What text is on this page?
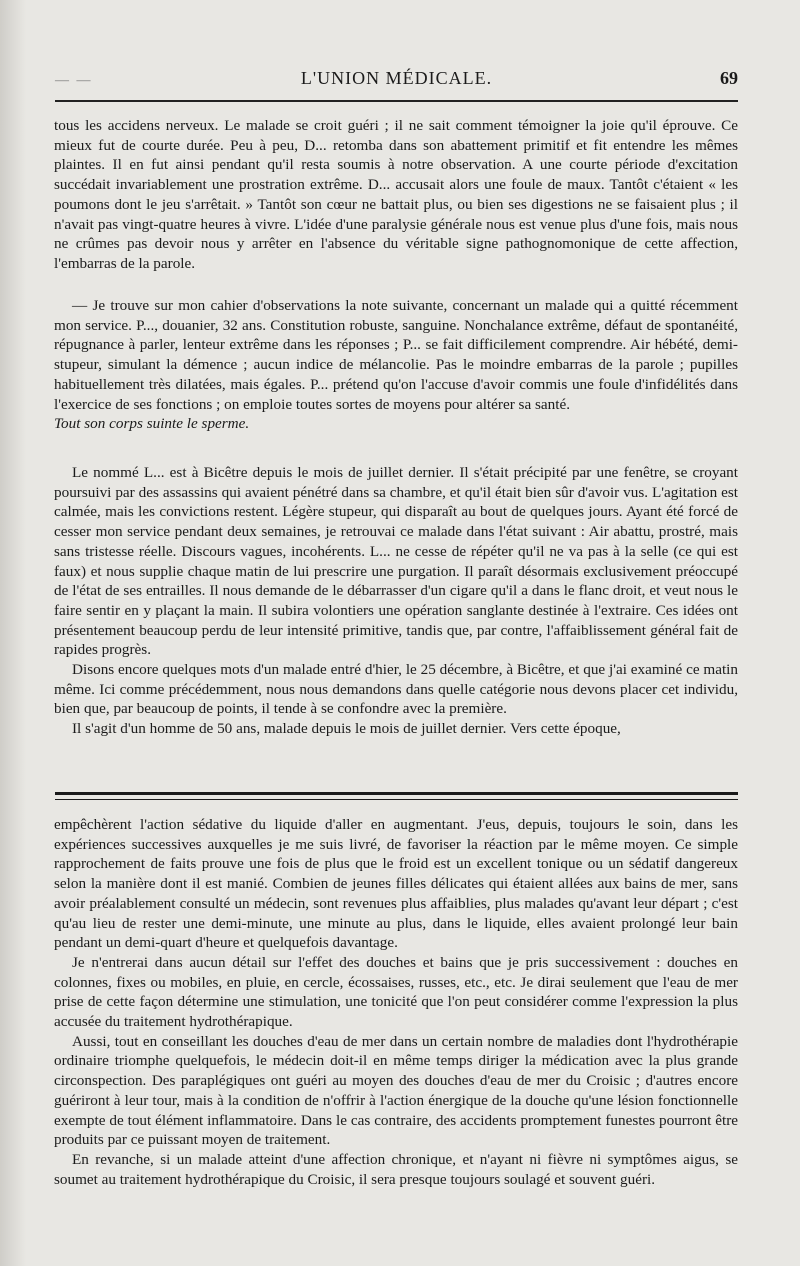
— —	L'UNION MÉDICALE.	69

tous les accidens nerveux. Le malade se croit guéri ; il ne sait comment témoigner la joie qu'il éprouve. Ce mieux fut de courte durée. Peu à peu, D... retomba dans son abattement primitif et fit entendre les mêmes plaintes. Il en fut ainsi pendant qu'il resta soumis à notre observation. A une courte période d'excitation succédait invariablement une prostration extrême. D... accusait alors une foule de maux. Tantôt c'étaient « les poumons dont le jeu s'arrêtait. » Tantôt son cœur ne battait plus, ou bien ses digestions ne se faisaient plus ; il n'avait pas vingt-quatre heures à vivre. L'idée d'une paralysie générale nous est venue plus d'une fois, mais nous ne crûmes pas devoir nous y arrêter en l'absence du véritable signe pathognomonique de cette affection, l'embarras de la parole.

— Je trouve sur mon cahier d'observations la note suivante, concernant un malade qui a quitté récemment mon service. P..., douanier, 32 ans. Constitution robuste, sanguine. Nonchalance extrême, défaut de spontanéité, répugnance à parler, lenteur extrême dans les réponses ; P... se fait difficilement comprendre. Air hébété, demi-stupeur, simulant la démence ; aucun indice de mélancolie. Pas le moindre embarras de la parole ; pupilles habituellement très dilatées, mais égales. P... prétend qu'on l'accuse d'avoir commis une foule d'infidélités dans l'exercice de ses fonctions ; on emploie toutes sortes de moyens pour altérer sa santé.

Tout son corps suinte le sperme.

Le nommé L... est à Bicêtre depuis le mois de juillet dernier. Il s'était précipité par une fenêtre, se croyant poursuivi par des assassins qui avaient pénétré dans sa chambre, et qu'il était bien sûr d'avoir vus. L'agitation est calmée, mais les convictions restent. Légère stupeur, qui disparaît au bout de quelques jours. Ayant été forcé de cesser mon service pendant deux semaines, je retrouvai ce malade dans l'état suivant : Air abattu, prostré, mais sans tristesse réelle. Discours vagues, incohérents. L... ne cesse de répéter qu'il ne va pas à la selle (ce qui est faux) et nous supplie chaque matin de lui prescrire une purgation. Il paraît désormais exclusivement préoccupé de l'état de ses entrailles. Il nous demande de le débarrasser d'un cigare qu'il a dans le flanc droit, et veut nous le faire sentir en y plaçant la main. Il subira volontiers une opération sanglante destinée à l'extraire. Ces idées ont présentement beaucoup perdu de leur intensité primitive, tandis que, par contre, l'affaiblissement général fait de rapides progrès.

Disons encore quelques mots d'un malade entré d'hier, le 25 décembre, à Bicêtre, et que j'ai examiné ce matin même. Ici comme précédemment, nous nous demandons dans quelle catégorie nous devons placer cet individu, bien que, par beaucoup de points, il tende à se confondre avec la première.

Il s'agit d'un homme de 50 ans, malade depuis le mois de juillet dernier. Vers cette époque,

empêchèrent l'action sédative du liquide d'aller en augmentant. J'eus, depuis, toujours le soin, dans les expériences successives auxquelles je me suis livré, de favoriser la réaction par le même moyen. Ce simple rapprochement de faits prouve une fois de plus que le froid est un excellent tonique ou un sédatif dangereux selon la manière dont il est manié. Combien de jeunes filles délicates qui étaient allées aux bains de mer, sans avoir préalablement consulté un médecin, sont revenues plus affaiblies, plus malades qu'avant leur départ ; c'est qu'au lieu de rester une demi-minute, une minute au plus, dans le liquide, elles avaient prolongé leur bain pendant un demi-quart d'heure et quelquefois davantage.

Je n'entrerai dans aucun détail sur l'effet des douches et bains que je pris successivement : douches en colonnes, fixes ou mobiles, en pluie, en cercle, écossaises, russes, etc., etc. Je dirai seulement que l'eau de mer prise de cette façon détermine une stimulation, une tonicité que l'on peut considérer comme l'expression la plus accusée du traitement hydrothérapique.

Aussi, tout en conseillant les douches d'eau de mer dans un certain nombre de maladies dont l'hydrothérapie ordinaire triomphe quelquefois, le médecin doit-il en même temps diriger la médication avec la plus grande circonspection. Des paraplégiques ont guéri au moyen des douches d'eau de mer du Croisic ; d'autres encore guériront à leur tour, mais à la condition de n'offrir à l'action énergique de la douche qu'une lésion fonctionnelle exempte de tout élément inflammatoire. Dans le cas contraire, des accidents promptement funestes pourront être produits par ce puissant moyen de traitement.

En revanche, si un malade atteint d'une affection chronique, et n'ayant ni fièvre ni symptômes aigus, se soumet au traitement hydrothérapique du Croisic, il sera presque toujours soulagé et souvent guéri.
